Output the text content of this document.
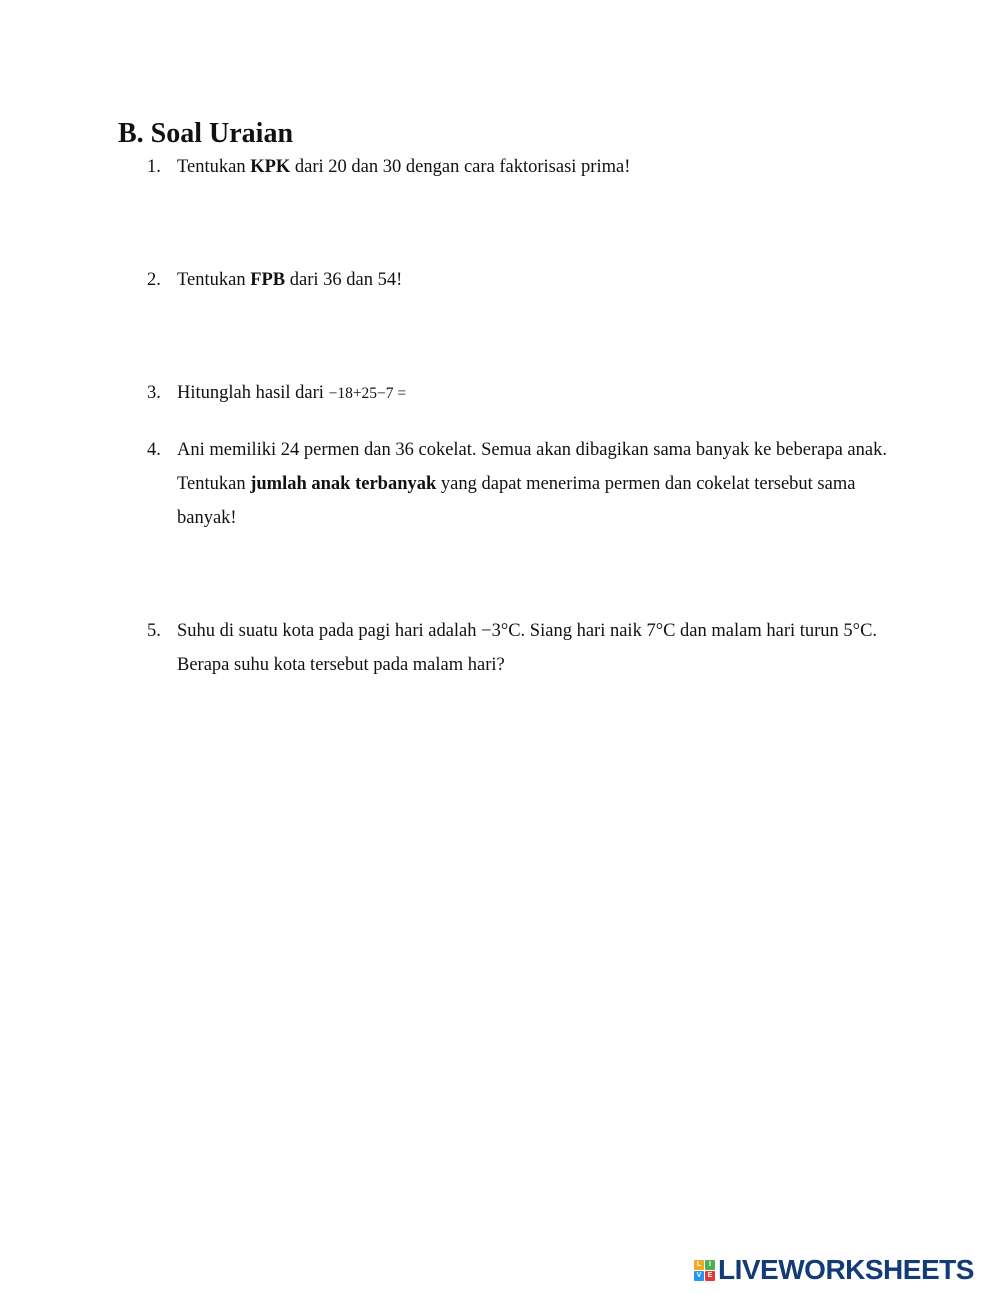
B. Soal Uraian
1. Tentukan KPK dari 20 dan 30 dengan cara faktorisasi prima!
2. Tentukan FPB dari 36 dan 54!
3. Hitunglah hasil dari −18+25−7 =
4. Ani memiliki 24 permen dan 36 cokelat. Semua akan dibagikan sama banyak ke beberapa anak. Tentukan jumlah anak terbanyak yang dapat menerima permen dan cokelat tersebut sama banyak!
5. Suhu di suatu kota pada pagi hari adalah −3°C. Siang hari naik 7°C dan malam hari turun 5°C. Berapa suhu kota tersebut pada malam hari?
L	I
V E LIVEWORKSHEETS
